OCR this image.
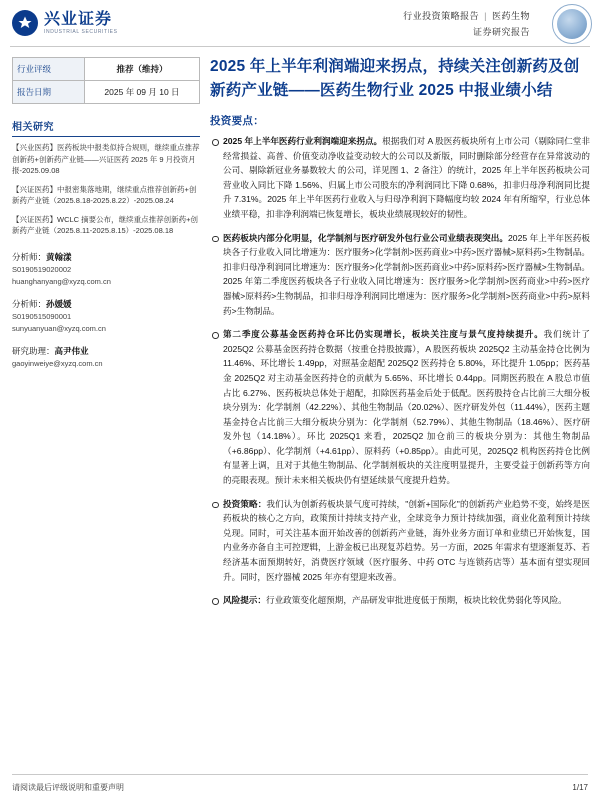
兴业证券
INDUSTRIAL SECURITIES
行业投资策略报告 | 医药生物
证券研究报告
行业评级	推荐（维持）
报告日期	2025 年 09 月 10 日
相关研究
【兴业医药】医药板块中报类似持合规则，继续重点推荐创新药+创新药产业链——兴证医药 2025 年 9 月投资月报-2025.09.08
【兴证医药】中报密集落地期，继续重点推荐创新药+创新药产业链（2025.8.18-2025.8.22）-2025.08.24
【兴证医药】WCLC 摘要公布，继续重点推荐创新药+创新药产业链（2025.8.11-2025.8.15）-2025.08.18
分析师：黄翰漾
S0190519020002
huanghanyang@xyzq.com.cn
分析师：孙媛媛
S0190515090001
sunyuanyuan@xyzq.com.cn
研究助理：高尹伟业
gaoyinweiye@xyzq.com.cn
2025 年上半年利润端迎来拐点，持续关注创新药及创新药产业链——医药生物行业 2025 中报业绩小结
投资要点：
2025 年上半年医药行业利润端迎来拐点。根据我们对 A 股医药板块所有上市公司（剔除同仁堂非经常损益、高普、价值变动净收益变动较大的公司以及新版，同时删除部分经营存在异常波动的公司、剔除新冠业务暴数较大 的公司，详见图 1、2 备注）的统计，2025 年上半年医药板块公司营业收入同比下降 1.56%、归属上市公司股东的净利润同比下降 0.68%，扣非归母净利润同比提升 7.31%。2025 年上半年医药行业收入与归母净利润下降幅度均较 2024 年有所缩窄，行业总体业绩平稳，扣非净利润端已恢复增长，板块业绩展现较好的韧性。
医药板块内部分化明显，化学制剂与医疗研发外包行业公司业绩表现突出。2025 年上半年医药板块各子行业收入同比增速为：医疗服务>化学制剂>医药商业>中药>医疗器械>原料药>生物制品。扣非归母净利润同比增速为：医疗服务>化学制剂>医药商业>中药>原料药>医疗器械>生物制品。2025 年第二季度医药板块各子行业收入同比增速为：医疗服务>化学制剂>医药商业>中药>医疗器械>原料药>生物制品，扣非归母净利润同比增速为：医疗服务>化学制剂>医药商业>中药>原料药>生物制品。
第二季度公募基金医药持仓环比仍实现增长，板块关注度与景气度持续提升。我们统计了 2025Q2 公募基金医药持仓数据（按重仓持股披露），A 股医药板块 2025Q2 主动基金持仓比例为 11.46%、环比增长 1.49pp，对照基金超配 2025Q2 医药持仓 5.80%，环比提升 1.05pp；医药基金 2025Q2 对主动基金医药持仓的贡献为 5.65%、环比增长 0.44pp。同期医药股在 A 股总市值占比 6.27%、医药板块总体处于超配，扣除医药基金后处于低配。医药股持仓占比前三大细分板块分别为：化学制剂（42.22%）、其他生物制品（20.02%）、医疗研发外包（11.44%），医药主题基金持仓占比前三大细分板块分别为：化学制剂（52.79%）、其他生物制品（18.46%）、医疗研发外包（14.18%）。环比 2025Q1 来看，2025Q2 加仓前三的板块分别为：其他生物制品（+6.86pp）、化学制剂（+4.61pp）、原料药（+0.85pp）。由此可见，2025Q2 机构医药持仓比例有显著上调，且对于其他生物制品、化学制剂板块的关注度明显提升，主要受益于创新药等方向的亮眼表现。预计未来相关板块仍有望延续景气度提升趋势。
投资策略：我们认为创新药板块景气度可持续，"创新+国际化"的创新药产业趋势不变，始终是医药板块的核心之方向，政策预计持续支持产业，全球竞争力预计持续加强，商业化盈利预计持续兑现。同时，可关注基本面开始改善的创新药产业链，海外业务方面订单和业绩已开始恢复，国内业务亦备自主可控逻辑，上游金板已出现复苏趋势。另一方面，2025 年需求有望逐渐复苏、若经济基本面预期转好，消费医疗领域（医疗服务、中药 OTC 与连锁药店等）基本面有望实现回升。同时，医疗器械 2025 年亦有望迎来改善。
风险提示：行业政策变化超预期，产品研发审批进度低于预期，板块比较优势弱化等风险。
请阅读最后评级说明和重要声明	1/17
